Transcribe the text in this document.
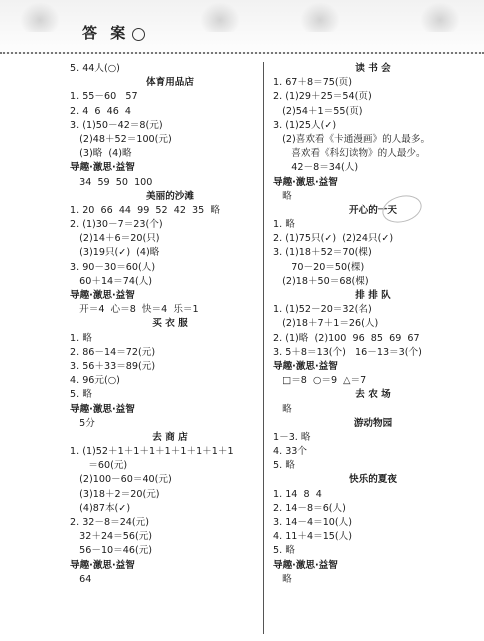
答 案
5. 44人(○)
体育用品店
1. 55－60   57
2. 4  6  46  4
3. (1)50－42＝8(元)
(2)48＋52＝100(元)
(3)略  (4)略
导趣·激思·益智
34  59  50  100
美丽的沙滩
1. 20  66  44  99  52  42  35  略
2. (1)30－7＝23(个)
(2)14＋6＝20(只)
(3)19只(✓)  (4)略
3. 90－30＝60(人)
60＋14＝74(人)
导趣·激思·益智
开＝4  心＝8  快＝4  乐＝1
买 衣 服
1. 略
2. 86－14＝72(元)
3. 56＋33＝89(元)
4. 96元(○)
5. 略
导趣·激思·益智
5分
去 商 店
1. (1)52＋1＋1＋1＋1＋1＋1＋1＋1
＝60(元)
(2)100－60＝40(元)
(3)18＋2＝20(元)
(4)87本(✓)
2. 32－8＝24(元)
32＋24＝56(元)
56－10＝46(元)
导趣·激思·益智
64
读 书 会
1. 67＋8＝75(页)
2. (1)29＋25＝54(页)
(2)54＋1＝55(页)
3. (1)25人(✓)
(2)喜欢看《卡通漫画》的人最多。
喜欢看《科幻读物》的人最少。
42－8＝34(人)
导趣·激思·益智
略
开心的一天
1. 略
2. (1)75只(✓)  (2)24只(✓)
3. (1)18＋52＝70(棵)
70－20＝50(棵)
(2)18＋50＝68(棵)
排 排 队
1. (1)52－20＝32(名)
(2)18＋7＋1＝26(人)
2. (1)略  (2)100  96  85  69  67
3. 5＋8＝13(个)   16－13＝3(个)
导趣·激思·益智
□＝8  ○＝9  △＝7
去 农 场
略
游动物园
1－3. 略
4. 33个
5. 略
快乐的夏夜
1. 14  8  4
2. 14－8＝6(人)
3. 14－4＝10(人)
4. 11＋4＝15(人)
5. 略
导趣·激思·益智
略
